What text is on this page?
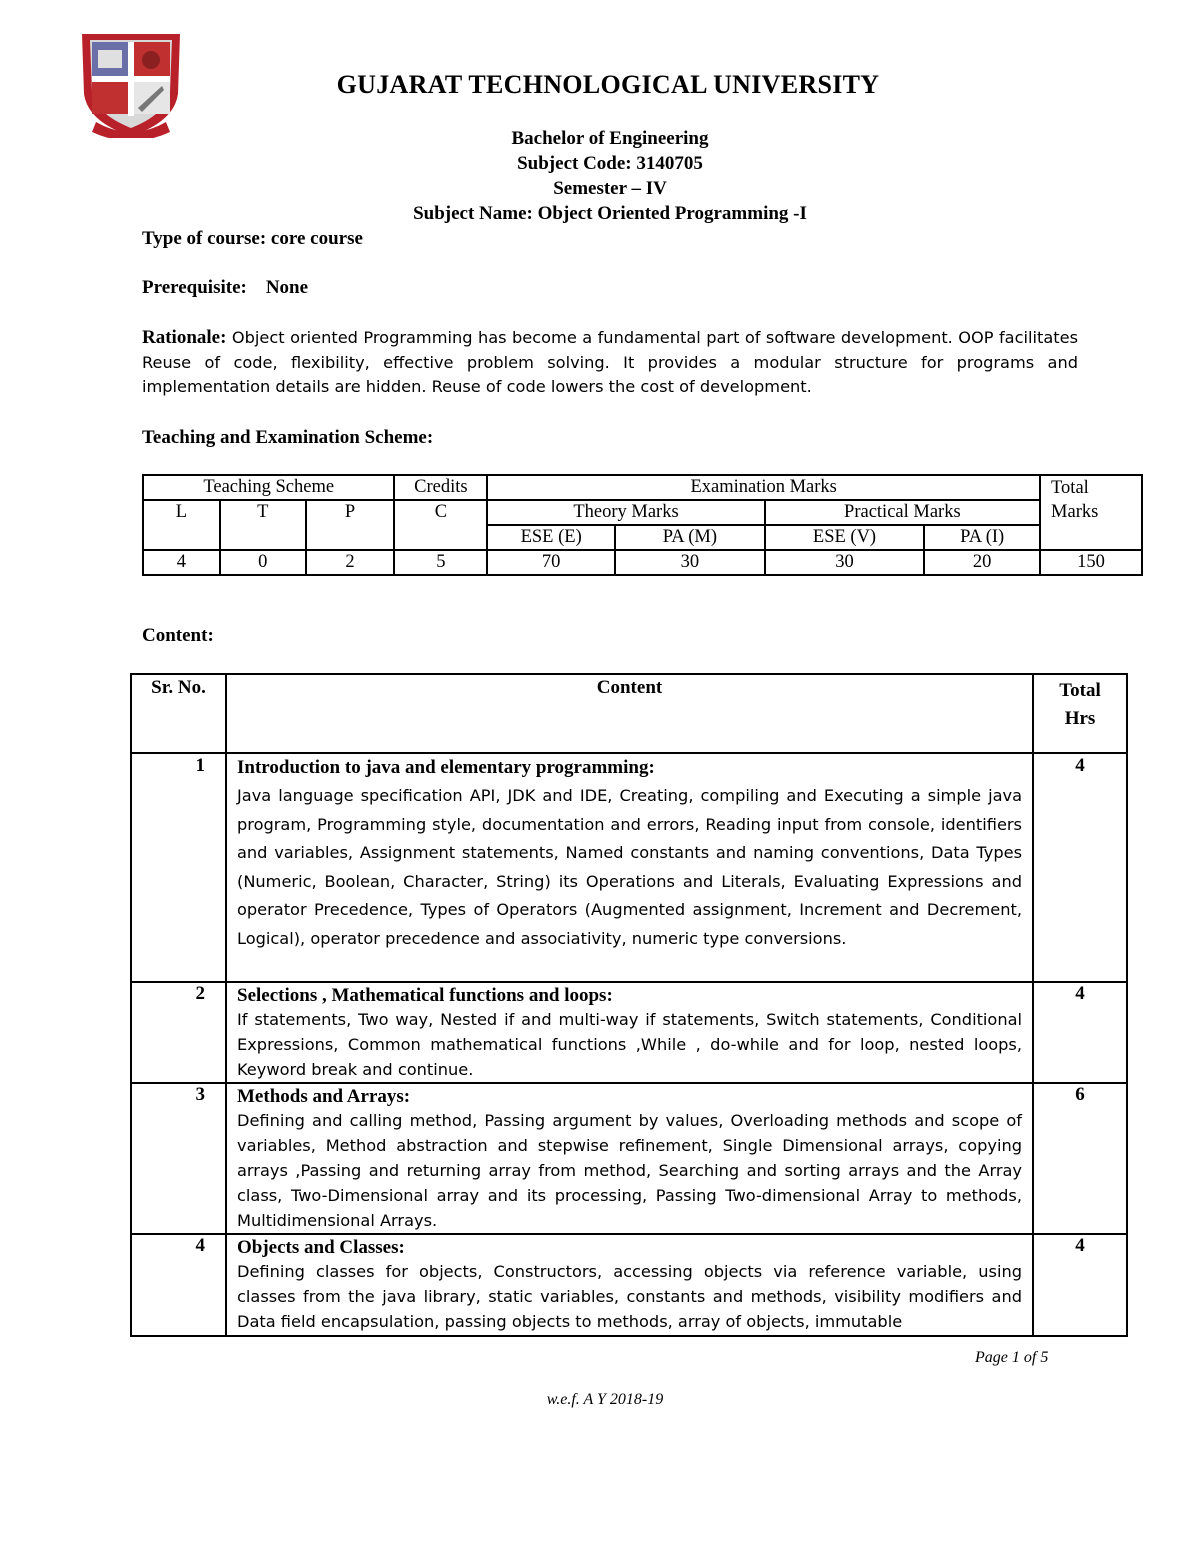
GUJARAT TECHNOLOGICAL UNIVERSITY
Bachelor of Engineering
Subject Code: 3140705
Semester – IV
Subject Name: Object Oriented Programming -I
Type of course: core course
Prerequisite: None
Rationale: Object oriented Programming has become a fundamental part of software development. OOP facilitates Reuse of code, flexibility, effective problem solving. It provides a modular structure for programs and implementation details are hidden. Reuse of code lowers the cost of development.
Teaching and Examination Scheme:
Teaching Scheme			Credits	Examination Marks				Total
Marks
L	T	P	C	Theory Marks		Practical Marks		
				ESE (E)	PA (M)	ESE (V)	PA (I)	
4	0	2	5	70	30	30	20	150
Content:
Sr. No.	Content	Total
Hrs
1	Introduction to java and elementary programming:
Java language specification API, JDK and IDE, Creating, compiling and Executing a simple java program, Programming style, documentation and errors, Reading input from console, identifiers and variables, Assignment statements, Named constants and naming conventions, Data Types (Numeric, Boolean, Character, String) its Operations and Literals, Evaluating Expressions and operator Precedence, Types of Operators (Augmented assignment, Increment and Decrement, Logical), operator precedence and associativity, numeric type conversions.	4
2	Selections , Mathematical functions and loops:
If statements, Two way, Nested if and multi-way if statements, Switch statements, Conditional Expressions, Common mathematical functions ,While , do-while and for loop, nested loops, Keyword break and continue.	4
3	Methods and Arrays:
Defining and calling method, Passing argument by values, Overloading methods and scope of variables, Method abstraction and stepwise refinement, Single Dimensional arrays, copying arrays ,Passing and returning array from method, Searching and sorting arrays and the Array class, Two-Dimensional array and its processing, Passing Two-dimensional Array to methods, Multidimensional Arrays.	6
4	Objects and Classes:
Defining classes for objects, Constructors, accessing objects via reference variable, using classes from the java library, static variables, constants and methods, visibility modifiers and Data field encapsulation, passing objects to methods, array of objects, immutable	4
Page 1 of 5
w.e.f. A Y 2018-19
